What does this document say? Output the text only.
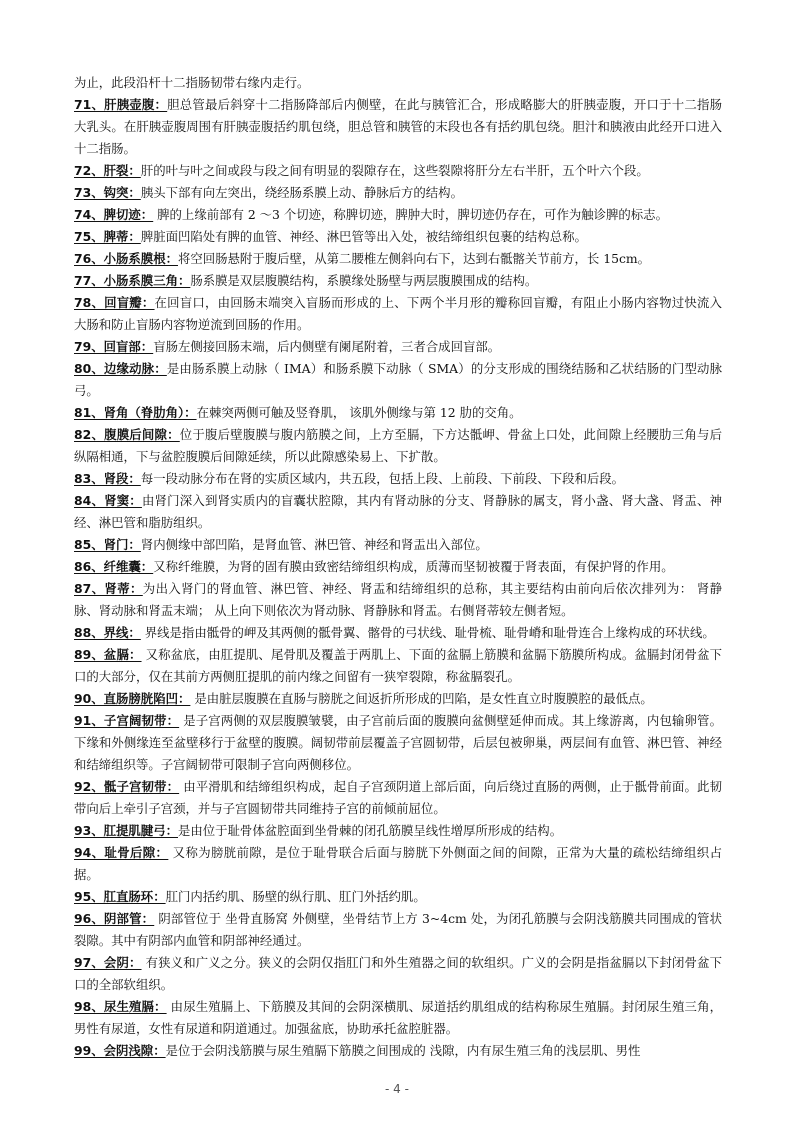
为止，此段沿杆十二指肠韧带右缘内走行。

71、肝胰壶腹：胆总管最后斜穿十二指肠降部后内侧壁，在此与胰管汇合，形成略膨大的肝胰壶腹，开口于十二指肠大乳头。在肝胰壶腹周围有肝胰壶腹括约肌包绕，胆总管和胰管的末段也各有括约肌包绕。胆汁和胰液由此经开口进入十二指肠。

72、肝裂：肝的叶与叶之间或段与段之间有明显的裂隙存在，这些裂隙将肝分左右半肝，五个叶六个段。

73、钩突：胰头下部有向左突出，绕经肠系膜上动、静脉后方的结构。

74、脾切迹： 脾的上缘前部有 2 ～3 个切迹，称脾切迹，脾肿大时，脾切迹仍存在，可作为触诊脾的标志。

75、脾蒂：脾脏面凹陷处有脾的血管、神经、淋巴管等出入处，被结缔组织包裹的结构总称。

76、小肠系膜根：将空回肠悬附于腹后壁，从第二腰椎左侧斜向右下，达到右骶髂关节前方，长 15cm。

77、小肠系膜三角：肠系膜是双层腹膜结构，系膜缘处肠壁与两层腹膜围成的结构。

78、回盲瓣：在回盲口，由回肠末端突入盲肠而形成的上、下两个半月形的瓣称回盲瓣，有阻止小肠内容物过快流入大肠和防止盲肠内容物逆流到回肠的作用。

79、回盲部：盲肠左侧接回肠末端，后内侧壁有阑尾附着，三者合成回盲部。

80、边缘动脉：是由肠系膜上动脉（ IMA）和肠系膜下动脉（ SMA）的分支形成的围绕结肠和乙状结肠的门型动脉弓。

81、肾角（脊肋角）：在棘突两侧可触及竖脊肌， 该肌外侧缘与第 12 肋的交角。

82、腹膜后间隙：位于腹后壁腹膜与腹内筋膜之间，上方至膈，下方达骶岬、骨盆上口处，此间隙上经腰肋三角与后纵隔相通，下与盆腔腹膜后间隙延续，所以此隙感染易上、下扩散。

83、肾段：每一段动脉分布在肾的实质区域内，共五段，包括上段、上前段、下前段、下段和后段。

84、肾窦：由肾门深入到肾实质内的盲囊状腔隙，其内有肾动脉的分支、肾静脉的属支，肾小盏、肾大盏、肾盂、神经、淋巴管和脂肪组织。

85、肾门：肾内侧缘中部凹陷，是肾血管、淋巴管、神经和肾盂出入部位。

86、纤维囊：又称纤维膜，为肾的固有膜由致密结缔组织构成，质薄而坚韧被覆于肾表面，有保护肾的作用。

87、肾蒂：为出入肾门的肾血管、淋巴管、神经、肾盂和结缔组织的总称，其主要结构由前向后依次排列为： 肾静脉、肾动脉和肾盂末端； 从上向下则依次为肾动脉、肾静脉和肾盂。右侧肾蒂较左侧者短。

88、界线： 界线是指由骶骨的岬及其两侧的骶骨翼、髂骨的弓状线、耻骨梳、耻骨嵴和耻骨连合上缘构成的环状线。

89、盆膈： 又称盆底，由肛提肌、尾骨肌及覆盖于两肌上、下面的盆膈上筋膜和盆膈下筋膜所构成。盆膈封闭骨盆下口的大部分，仅在其前方两侧肛提肌的前内缘之间留有一狭窄裂隙，称盆膈裂孔。

90、直肠膀胱陷凹： 是由脏层腹膜在直肠与膀胱之间返折所形成的凹陷，是女性直立时腹膜腔的最低点。

91、子宫阔韧带： 是子宫两侧的双层腹膜皱襞，由子宫前后面的腹膜向盆侧壁延伸而成。其上缘游离，内包输卵管。下缘和外侧缘连至盆壁移行于盆壁的腹膜。阔韧带前层覆盖子宫圆韧带，后层包被卵巢，两层间有血管、淋巴管、神经和结缔组织等。子宫阔韧带可限制子宫向两侧移位。

92、骶子宫韧带： 由平滑肌和结缔组织构成，起自子宫颈阴道上部后面，向后绕过直肠的两侧，止于骶骨前面。此韧带向后上牵引子宫颈，并与子宫圆韧带共同维持子宫的前倾前屈位。

93、肛提肌腱弓：是由位于耻骨体盆腔面到坐骨棘的闭孔筋膜呈线性增厚所形成的结构。

94、耻骨后隙： 又称为膀胱前隙，是位于耻骨联合后面与膀胱下外侧面之间的间隙，正常为大量的疏松结缔组织占据。

95、肛直肠环：肛门内括约肌、肠壁的纵行肌、肛门外括约肌。

96、阴部管： 阴部管位于 坐骨直肠窝 外侧壁，坐骨结节上方 3~4cm 处，为闭孔筋膜与会阴浅筋膜共同围成的管状裂隙。其中有阴部内血管和阴部神经通过。

97、会阴： 有狭义和广义之分。狭义的会阴仅指肛门和外生殖器之间的软组织。广义的会阴是指盆膈以下封闭骨盆下口的全部软组织。

98、尿生殖膈： 由尿生殖膈上、下筋膜及其间的会阴深横肌、尿道括约肌组成的结构称尿生殖膈。封闭尿生殖三角，男性有尿道，女性有尿道和阴道通过。加强盆底，协助承托盆腔脏器。

99、会阴浅隙：是位于会阴浅筋膜与尿生殖膈下筋膜之间围成的 浅隙，内有尿生殖三角的浅层肌、男性

- 4 -
